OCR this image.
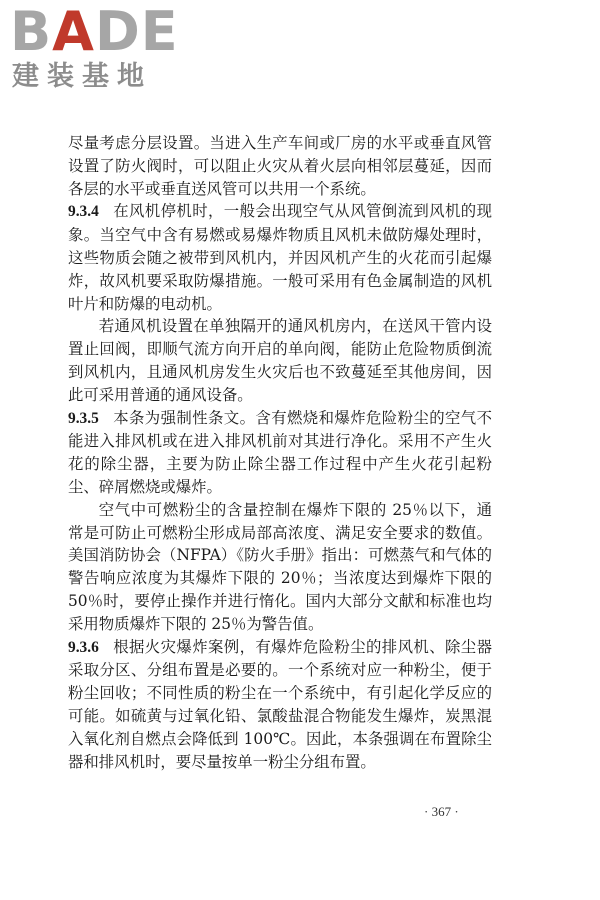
BADE
建装基地

尽量考虑分层设置。当进入生产车间或厂房的水平或垂直风管设置了防火阀时，可以阻止火灾从着火层向相邻层蔓延，因而各层的水平或垂直送风管可以共用一个系统。

9.3.4 在风机停机时，一般会出现空气从风管倒流到风机的现象。当空气中含有易燃或易爆炸物质且风机未做防爆处理时，这些物质会随之被带到风机内，并因风机产生的火花而引起爆炸，故风机要采取防爆措施。一般可采用有色金属制造的风机叶片和防爆的电动机。

若通风机设置在单独隔开的通风机房内，在送风干管内设置止回阀，即顺气流方向开启的单向阀，能防止危险物质倒流到风机内，且通风机房发生火灾后也不致蔓延至其他房间，因此可采用普通的通风设备。

9.3.5 本条为强制性条文。含有燃烧和爆炸危险粉尘的空气不能进入排风机或在进入排风机前对其进行净化。采用不产生火花的除尘器，主要为防止除尘器工作过程中产生火花引起粉尘、碎屑燃烧或爆炸。

空气中可燃粉尘的含量控制在爆炸下限的 25％以下，通常是可防止可燃粉尘形成局部高浓度、满足安全要求的数值。美国消防协会（NFPA）《防火手册》指出：可燃蒸气和气体的警告响应浓度为其爆炸下限的 20％；当浓度达到爆炸下限的50％时，要停止操作并进行惰化。国内大部分文献和标准也均采用物质爆炸下限的 25％为警告值。

9.3.6 根据火灾爆炸案例，有爆炸危险粉尘的排风机、除尘器采取分区、分组布置是必要的。一个系统对应一种粉尘，便于粉尘回收；不同性质的粉尘在一个系统中，有引起化学反应的可能。如硫黄与过氧化铅、氯酸盐混合物能发生爆炸，炭黑混入氧化剂自燃点会降低到 100℃。因此，本条强调在布置除尘器和排风机时，要尽量按单一粉尘分组布置。

· 367 ·
